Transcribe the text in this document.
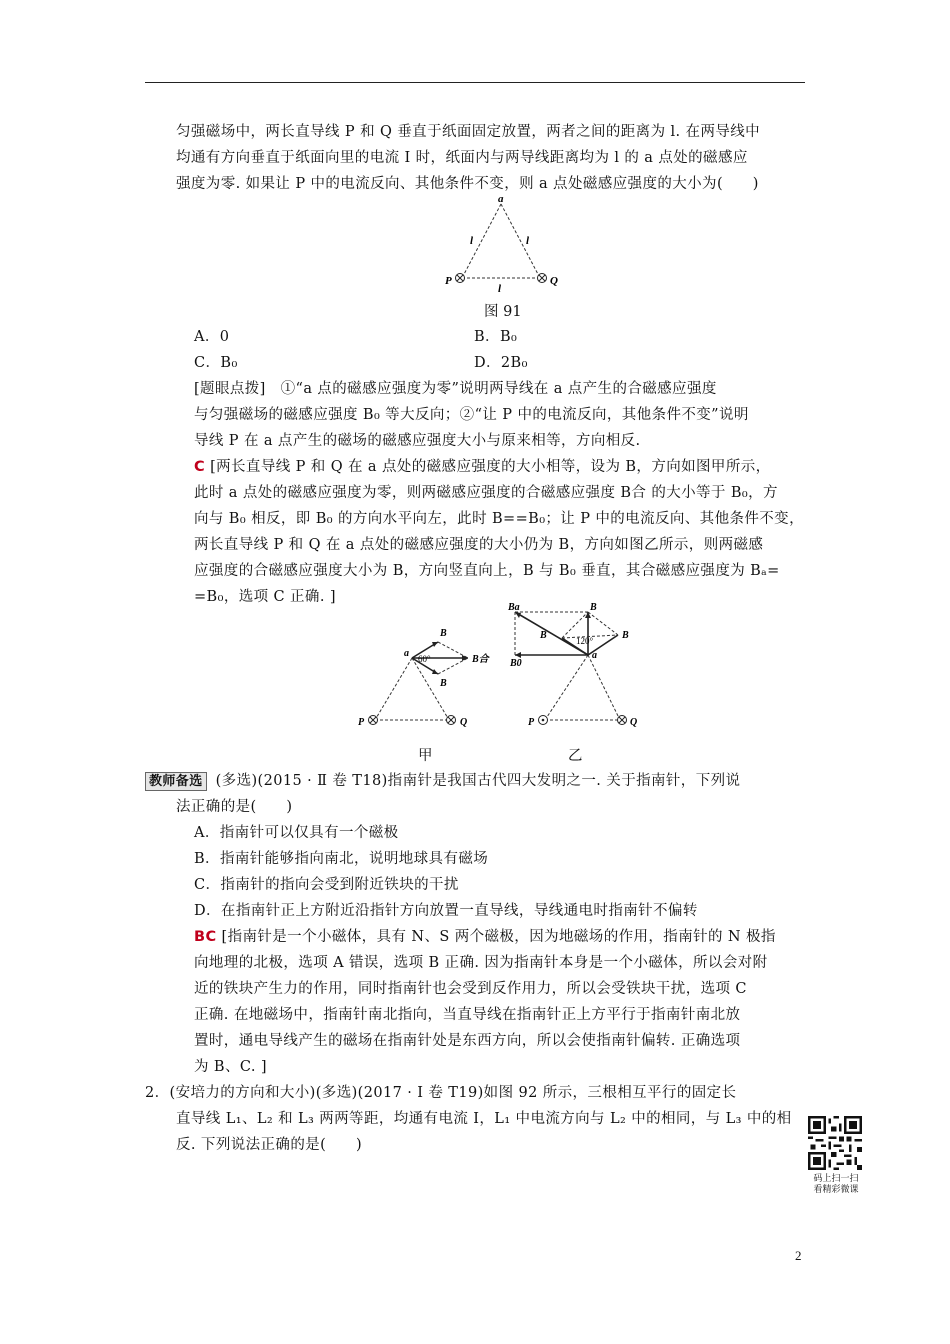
匀强磁场中，两长直导线 P 和 Q 垂直于纸面固定放置，两者之间的距离为 l. 在两导线中
均通有方向垂直于纸面向里的电流 I 时，纸面内与两导线距离均为 l 的 a 点处的磁感应
强度为零. 如果让 P 中的电流反向、其他条件不变，则 a 点处磁感应强度的大小为(　　)
a
l	l
l
P	Q
图 91
A．0	B．B₀
C．B₀	D．2B₀
[题眼点拨]　①“a 点的磁感应强度为零”说明两导线在 a 点产生的合磁感应强度
与匀强磁场的磁感应强度 B₀ 等大反向；②“让 P 中的电流反向，其他条件不变”说明
导线 P 在 a 点产生的磁场的磁感应强度大小与原来相等，方向相反.
C [两长直导线 P 和 Q 在 a 点处的磁感应强度的大小相等，设为 B，方向如图甲所示，
此时 a 点处的磁感应强度为零，则两磁感应强度的合磁感应强度 B合 的大小等于 B₀，方
向与 B₀ 相反，即 B₀ 的方向水平向左，此时 B==B₀；让 P 中的电流反向、其他条件不变，
两长直导线 P 和 Q 在 a 点处的磁感应强度的大小仍为 B，方向如图乙所示，则两磁感
应强度的合磁感应强度大小为 B，方向竖直向上，B 与 B₀ 垂直，其合磁感应强度为 Bₐ=
=B₀，选项 C 正确. ]
a
B
B
B合
60°
P	Q
甲
Ba	B
B	B
B0
120°
a
P	Q
乙
教师备选 (多选)(2015 · Ⅱ 卷 T18)指南针是我国古代四大发明之一. 关于指南针，下列说
法正确的是(　　)
A．指南针可以仅具有一个磁极
B．指南针能够指向南北，说明地球具有磁场
C．指南针的指向会受到附近铁块的干扰
D．在指南针正上方附近沿指针方向放置一直导线，导线通电时指南针不偏转
BC [指南针是一个小磁体，具有 N、S 两个磁极，因为地磁场的作用，指南针的 N 极指
向地理的北极，选项 A 错误，选项 B 正确. 因为指南针本身是一个小磁体，所以会对附
近的铁块产生力的作用，同时指南针也会受到反作用力，所以会受铁块干扰，选项 C
正确. 在地磁场中，指南针南北指向，当直导线在指南针正上方平行于指南针南北放
置时，通电导线产生的磁场在指南针处是东西方向，所以会使指南针偏转. 正确选项
为 B、C. ]
2．(安培力的方向和大小)(多选)(2017 · Ⅰ 卷 T19)如图 92 所示，三根相互平行的固定长
直导线 L₁、L₂ 和 L₃ 两两等距，均通有电流 I，L₁ 中电流方向与 L₂ 中的相同，与 L₃ 中的相
反. 下列说法正确的是(　　)
码上扫一扫
看精彩微课
2
